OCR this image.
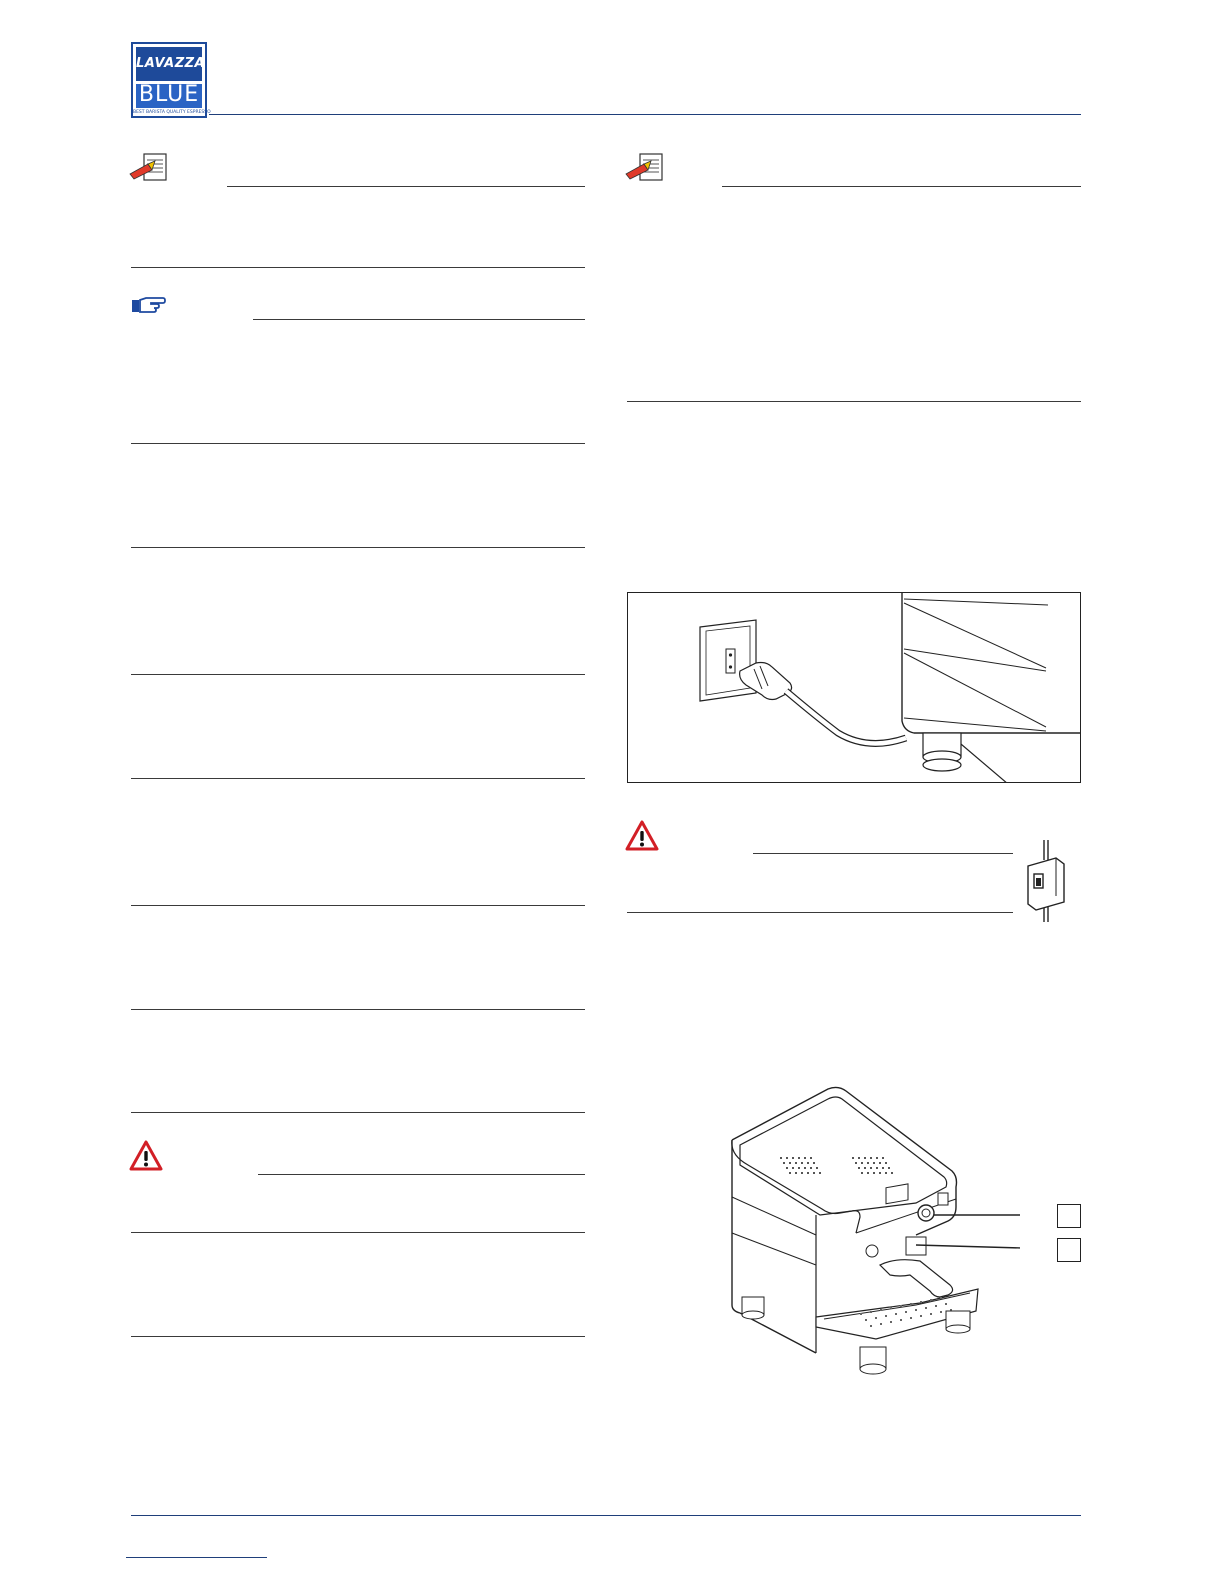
LAVAZZA
BLUE
BEST BARISTA QUALITY ESPRESSO
